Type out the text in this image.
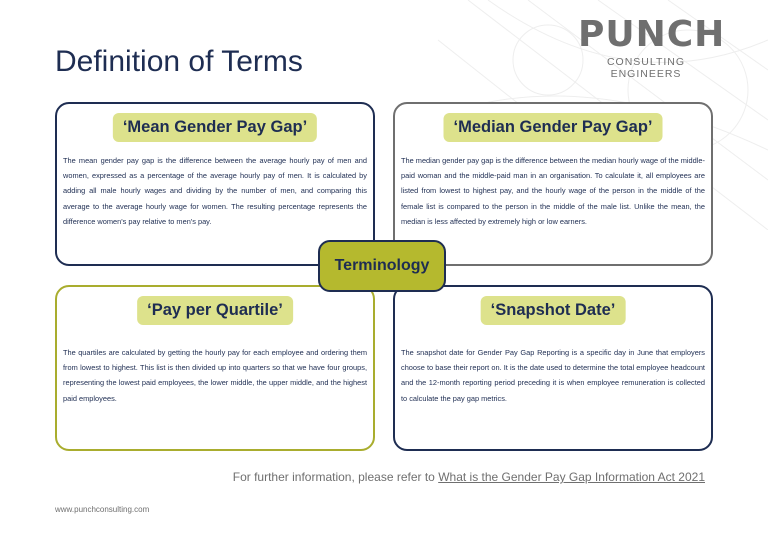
Definition of Terms
PUNCH
CONSULTING ENGINEERS
‘Mean Gender Pay Gap’

The mean gender pay gap is the difference between the average hourly pay of men and women, expressed as a percentage of the average hourly pay of men. It is calculated by adding all male hourly wages and dividing by the number of men, and comparing this average to the average hourly wage for women. The resulting percentage represents the difference women's pay relative to men's pay.

‘Median Gender Pay Gap’

The median gender pay gap is the difference between the median hourly wage of the middle-paid woman and the middle-paid man in an organisation. To calculate it, all employees are listed from lowest to highest pay, and the hourly wage of the person in the middle of the female list is compared to the person in the middle of the male list. Unlike the mean, the median is less affected by extremely high or low earners.

‘Pay per Quartile’

The quartiles are calculated by getting the hourly pay for each employee and ordering them from lowest to highest. This list is then divided up into quarters so that we have four groups, representing the lowest paid employees, the lower middle, the upper middle, and the highest paid employees.

‘Snapshot Date’

The snapshot date for Gender Pay Gap Reporting is a specific day in June that employers choose to base their report on. It is the date used to determine the total employee headcount and the 12-month reporting period preceding it is when employee remuneration is collected to calculate the pay gap metrics.

Terminology

For further information, please refer to What is the Gender Pay Gap Information Act 2021

www.punchconsulting.com
